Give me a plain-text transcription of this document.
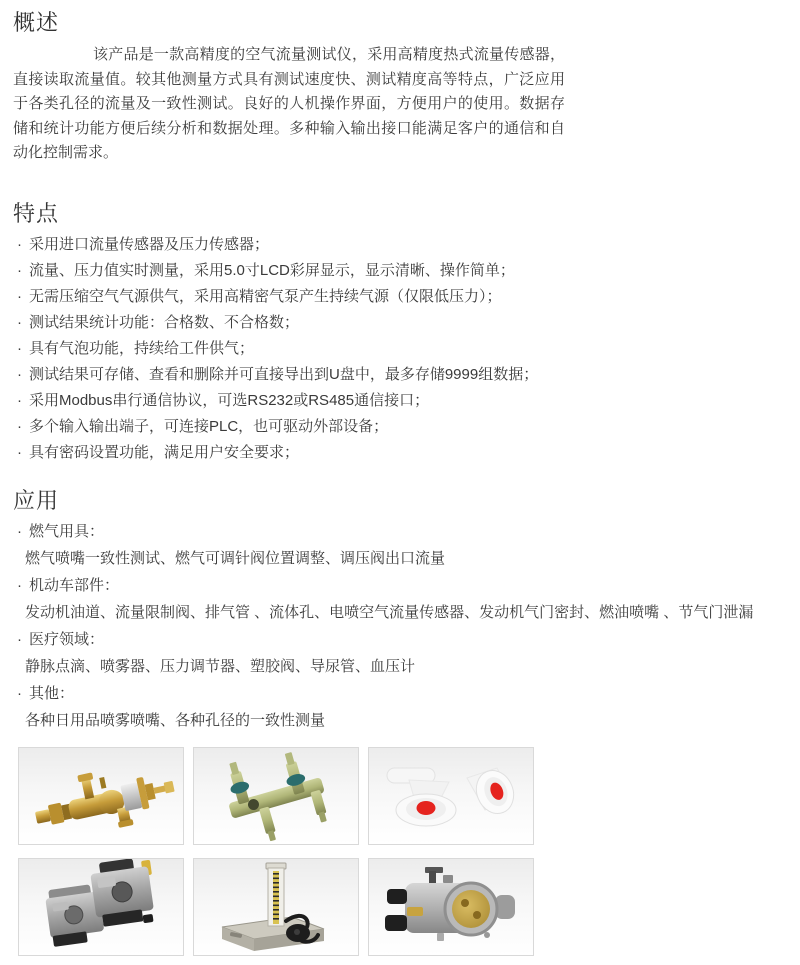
概述

该产品是一款高精度的空气流量测试仪，采用高精度热式流量传感器，直接读取流量值。较其他测量方式具有测试速度快、测试精度高等特点，广泛应用于各类孔径的流量及一致性测试。良好的人机操作界面，方便用户的使用。数据存储和统计功能方便后续分析和数据处理。多种输入输出接口能满足客户的通信和自动化控制需求。

特点
· 采用进口流量传感器及压力传感器；
· 流量、压力值实时测量，采用5.0寸LCD彩屏显示，显示清晰、操作简单；
· 无需压缩空气气源供气，采用高精密气泵产生持续气源（仅限低压力）；
· 测试结果统计功能：合格数、不合格数；
· 具有气泡功能，持续给工件供气；
· 测试结果可存储、查看和删除并可直接导出到U盘中，最多存储9999组数据；
· 采用Modbus串行通信协议，可选RS232或RS485通信接口；
· 多个输入输出端子，可连接PLC，也可驱动外部设备；
· 具有密码设置功能，满足用户安全要求；
应用
· 燃气用具：
燃气喷嘴一致性测试、燃气可调针阀位置调整、调压阀出口流量
· 机动车部件：
发动机油道、流量限制阀、排气管 、流体孔、电喷空气流量传感器、发动机气门密封、燃油喷嘴 、节气门泄漏
· 医疗领域：
静脉点滴、喷雾器、压力调节器、塑胶阀、导尿管、血压计
· 其他：
各种日用品喷雾喷嘴、各种孔径的一致性测量
